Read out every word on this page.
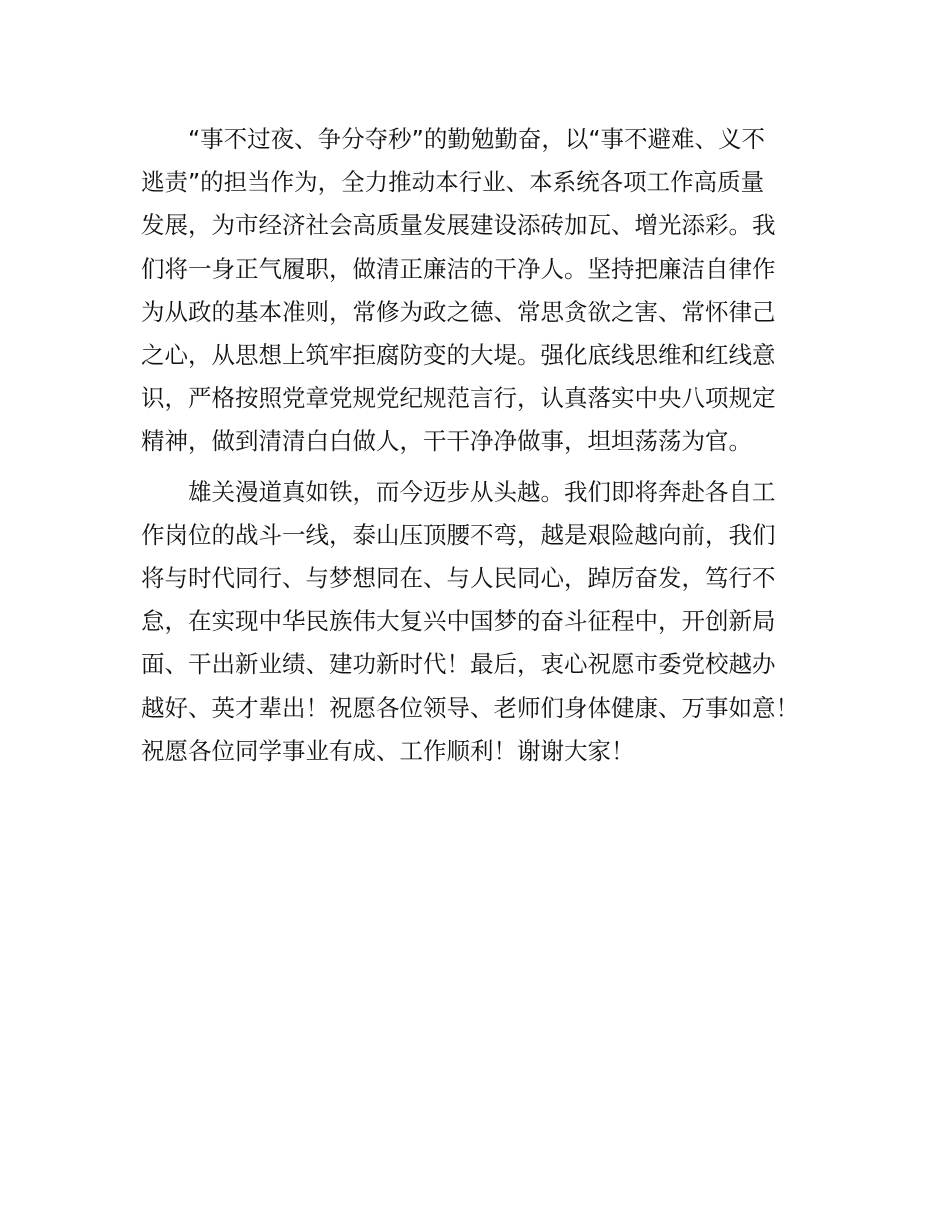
“事不过夜、争分夺秒”的勤勉勤奋，以“事不避难、义不
逃责”的担当作为，全力推动本行业、本系统各项工作高质量
发展，为市经济社会高质量发展建设添砖加瓦、增光添彩。我
们将一身正气履职，做清正廉洁的干净人。坚持把廉洁自律作
为从政的基本准则，常修为政之德、常思贪欲之害、常怀律己
之心，从思想上筑牢拒腐防变的大堤。强化底线思维和红线意
识，严格按照党章党规党纪规范言行，认真落实中央八项规定
精神，做到清清白白做人，干干净净做事，坦坦荡荡为官。

雄关漫道真如铁，而今迈步从头越。我们即将奔赴各自工
作岗位的战斗一线，泰山压顶腰不弯，越是艰险越向前，我们
将与时代同行、与梦想同在、与人民同心，踔厉奋发，笃行不
怠，在实现中华民族伟大复兴中国梦的奋斗征程中，开创新局
面、干出新业绩、建功新时代！最后，衷心祝愿市委党校越办
越好、英才辈出！祝愿各位领导、老师们身体健康、万事如意！
祝愿各位同学事业有成、工作顺利！谢谢大家！
